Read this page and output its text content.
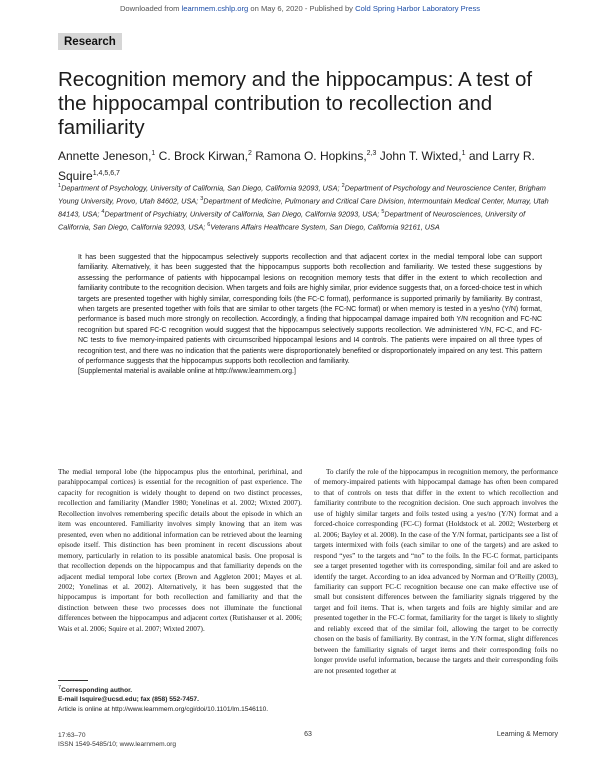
Downloaded from learnmem.cshlp.org on May 6, 2020 - Published by Cold Spring Harbor Laboratory Press
Research
Recognition memory and the hippocampus: A test of the hippocampal contribution to recollection and familiarity
Annette Jeneson,$^1$ C. Brock Kirwan,$^2$ Ramona O. Hopkins,$^{2,3}$ John T. Wixted,$^1$ and Larry R. Squire$^{1,4,5,6,7}$
$^1$Department of Psychology, University of California, San Diego, California 92093, USA; $^2$Department of Psychology and Neuroscience Center, Brigham Young University, Provo, Utah 84602, USA; $^3$Department of Medicine, Pulmonary and Critical Care Division, Intermountain Medical Center, Murray, Utah 84143, USA; $^4$Department of Psychiatry, University of California, San Diego, California 92093, USA; $^5$Department of Neurosciences, University of California, San Diego, California 92093, USA; $^6$Veterans Affairs Healthcare System, San Diego, California 92161, USA

It has been suggested that the hippocampus selectively supports recollection and that adjacent cortex in the medial temporal lobe can support familiarity. Alternatively, it has been suggested that the hippocampus supports both recollection and familiarity. We tested these suggestions by assessing the performance of patients with hippocampal lesions on recognition memory tests that differ in the extent to which recollection and familiarity contribute to the recognition decision. When targets and foils are highly similar, prior evidence suggests that, on a forced-choice test in which targets are presented together with highly similar, corresponding foils (the FC-C format), performance is supported primarily by familiarity. By contrast, when targets are presented together with foils that are similar to other targets (the FC-NC format) or when memory is tested in a yes/no (Y/N) format, performance is based much more strongly on recollection. Accordingly, a finding that hippocampal damage impaired both Y/N recognition and FC-NC recognition but spared FC-C recognition would suggest that the hippocampus selectively supports recollection. We administered Y/N, FC-C, and FC-NC tests to five memory-impaired patients with circumscribed hippocampal lesions and I4 controls. The patients were impaired on all three types of recognition test, and there was no indication that the patients were disproportionately benefited or disproportionately impaired on any test. This pattern of performance suggests that the hippocampus supports both recollection and familiarity.

[Supplemental material is available online at http://www.learnmem.org.]

The medial temporal lobe (the hippocampus plus the entorhinal, perirhinal, and parahippocampal cortices) is essential for the recognition of past experience. The capacity for recognition is widely thought to depend on two distinct processes, recollection and familiarity (Mandler 1980; Yonelinas et al. 2002; Wixted 2007). Recollection involves remembering specific details about the episode in which an item was encountered. Familiarity involves simply knowing that an item was presented, even when no additional information can be retrieved about the learning episode itself. This distinction has been prominent in recent discussions about memory, particularly in relation to its possible anatomical basis. One proposal is that recollection depends on the hippocampus and that familiarity depends on the adjacent medial temporal lobe cortex (Brown and Aggleton 2001; Mayes et al. 2002; Yonelinas et al. 2002). Alternatively, it has been suggested that the hippocampus is important for both recollection and familiarity and that the distinction between these two processes does not illuminate the functional differences between the hippocampus and adjacent cortex (Rutishauser et al. 2006; Wais et al. 2006; Squire et al. 2007; Wixted 2007).

To clarify the role of the hippocampus in recognition memory, the performance of memory-impaired patients with hippocampal damage has often been compared to that of controls on tests that differ in the extent to which recollection and familiarity contribute to the recognition decision. One such approach involves the use of highly similar targets and foils tested using a yes/no (Y/N) format and a forced-choice corresponding (FC-C) format (Holdstock et al. 2002; Westerberg et al. 2006; Bayley et al. 2008). In the case of the Y/N format, participants see a list of targets intermixed with foils (each similar to one of the targets) and are asked to respond “yes” to the targets and “no” to the foils. In the FC-C format, participants see a target presented together with its corresponding, similar foil and are asked to identify the target. According to an idea advanced by Norman and O’Reilly (2003), familiarity can support FC-C recognition because one can make effective use of small but consistent differences between the familiarity signals triggered by the target and foil items. That is, when targets and foils are highly similar and are presented together in the FC-C format, familiarity for the target is likely to slightly and reliably exceed that of the similar foil, allowing the target to be correctly chosen on the basis of familiarity. By contrast, in the Y/N format, slight differences between the familiarity signals of target items and their corresponding foils no longer provide useful information, because the targets and their corresponding foils are not presented together at

$^7$Corresponding author.
E-mail lsquire@ucsd.edu; fax (858) 552-7457.
Article is online at http://www.learnmem.org/cgi/doi/10.1101/lm.1546110.
17:63–70
ISSN 1549-5485/10; www.learnmem.org
63	Learning & Memory
